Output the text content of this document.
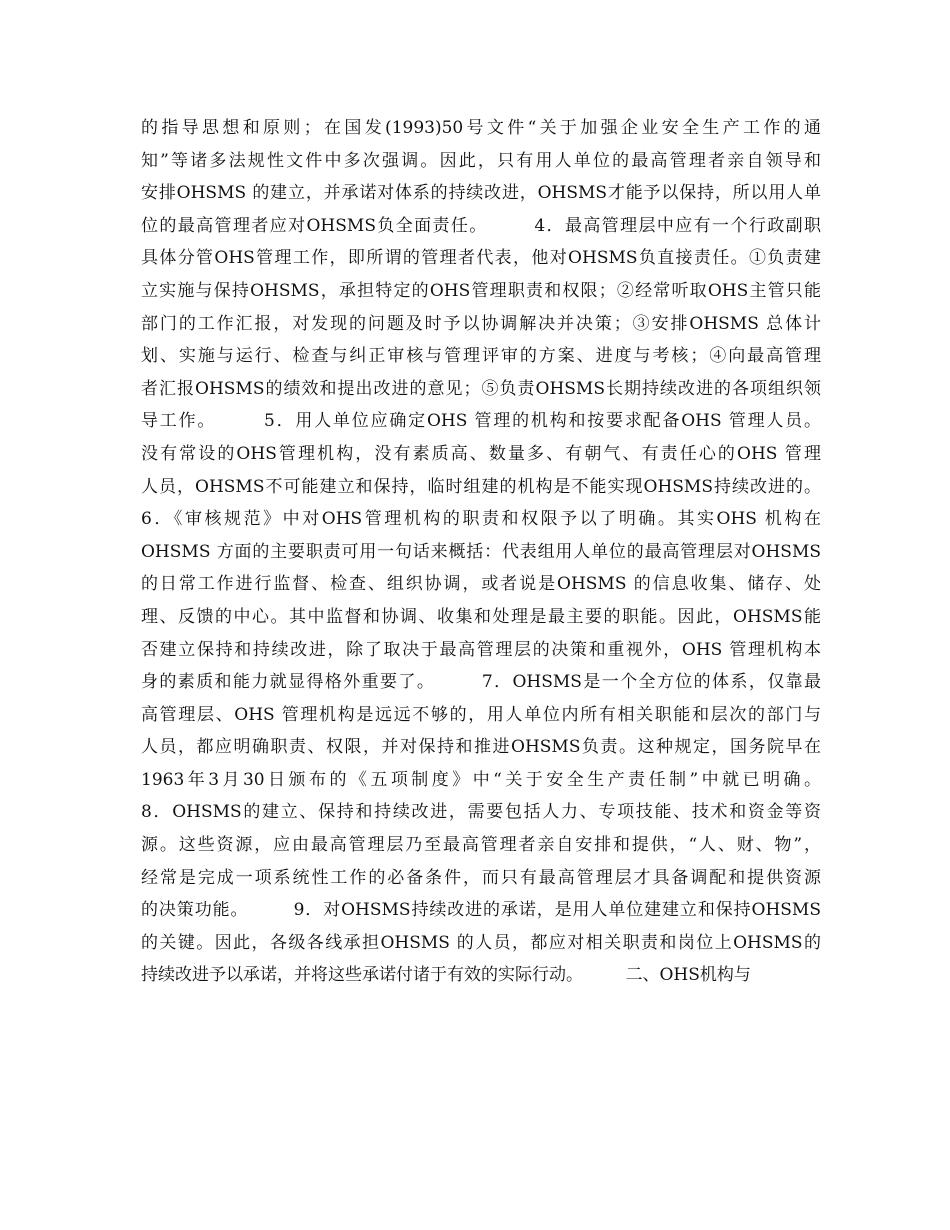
的指导思想和原则；在国发(1993)50号文件“关于加强企业安全生产工作的通
知”等诸多法规性文件中多次强调。因此，只有用人单位的最高管理者亲自领导和
安排OHSMS 的建立，并承诺对体系的持续改进，OHSMS才能予以保持，所以用人单
位的最高管理者应对OHSMS负全面责任。　　　4．最高管理层中应有一个行政副职
具体分管OHS管理工作，即所谓的管理者代表，他对OHSMS负直接责任。①负责建
立实施与保持OHSMS，承担特定的OHS管理职责和权限；②经常听取OHS主管只能
部门的工作汇报，对发现的问题及时予以协调解决并决策；③安排OHSMS 总体计
划、实施与运行、检查与纠正审核与管理评审的方案、进度与考核；④向最高管理
者汇报OHSMS的绩效和提出改进的意见；⑤负责OHSMS长期持续改进的各项组织领
导工作。　　　5．用人单位应确定OHS 管理的机构和按要求配备OHS 管理人员。
没有常设的OHS管理机构，没有素质高、数量多、有朝气、有责任心的OHS 管理
人员，OHSMS不可能建立和保持，临时组建的机构是不能实现OHSMS持续改进的。
6．《审核规范》中对OHS管理机构的职责和权限予以了明确。其实OHS 机构在
OHSMS 方面的主要职责可用一句话来概括：代表组用人单位的最高管理层对OHSMS
的日常工作进行监督、检查、组织协调，或者说是OHSMS 的信息收集、储存、处
理、反馈的中心。其中监督和协调、收集和处理是最主要的职能。因此，OHSMS能
否建立保持和持续改进，除了取决于最高管理层的决策和重视外，OHS 管理机构本
身的素质和能力就显得格外重要了。　　　7．OHSMS是一个全方位的体系，仅靠最
高管理层、OHS 管理机构是远远不够的，用人单位内所有相关职能和层次的部门与
人员，都应明确职责、权限，并对保持和推进OHSMS负责。这种规定，国务院早在
1963年3月30日颁布的《五项制度》中“关于安全生产责任制”中就已明确。
8．OHSMS的建立、保持和持续改进，需要包括人力、专项技能、技术和资金等资
源。这些资源，应由最高管理层乃至最高管理者亲自安排和提供，“人、财、物”，
经常是完成一项系统性工作的必备条件，而只有最高管理层才具备调配和提供资源
的决策功能。　　　9．对OHSMS持续改进的承诺，是用人单位建建立和保持OHSMS
的关键。因此，各级各线承担OHSMS 的人员，都应对相关职责和岗位上OHSMS的
持续改进予以承诺，并将这些承诺付诸于有效的实际行动。　　　二、OHS机构与
